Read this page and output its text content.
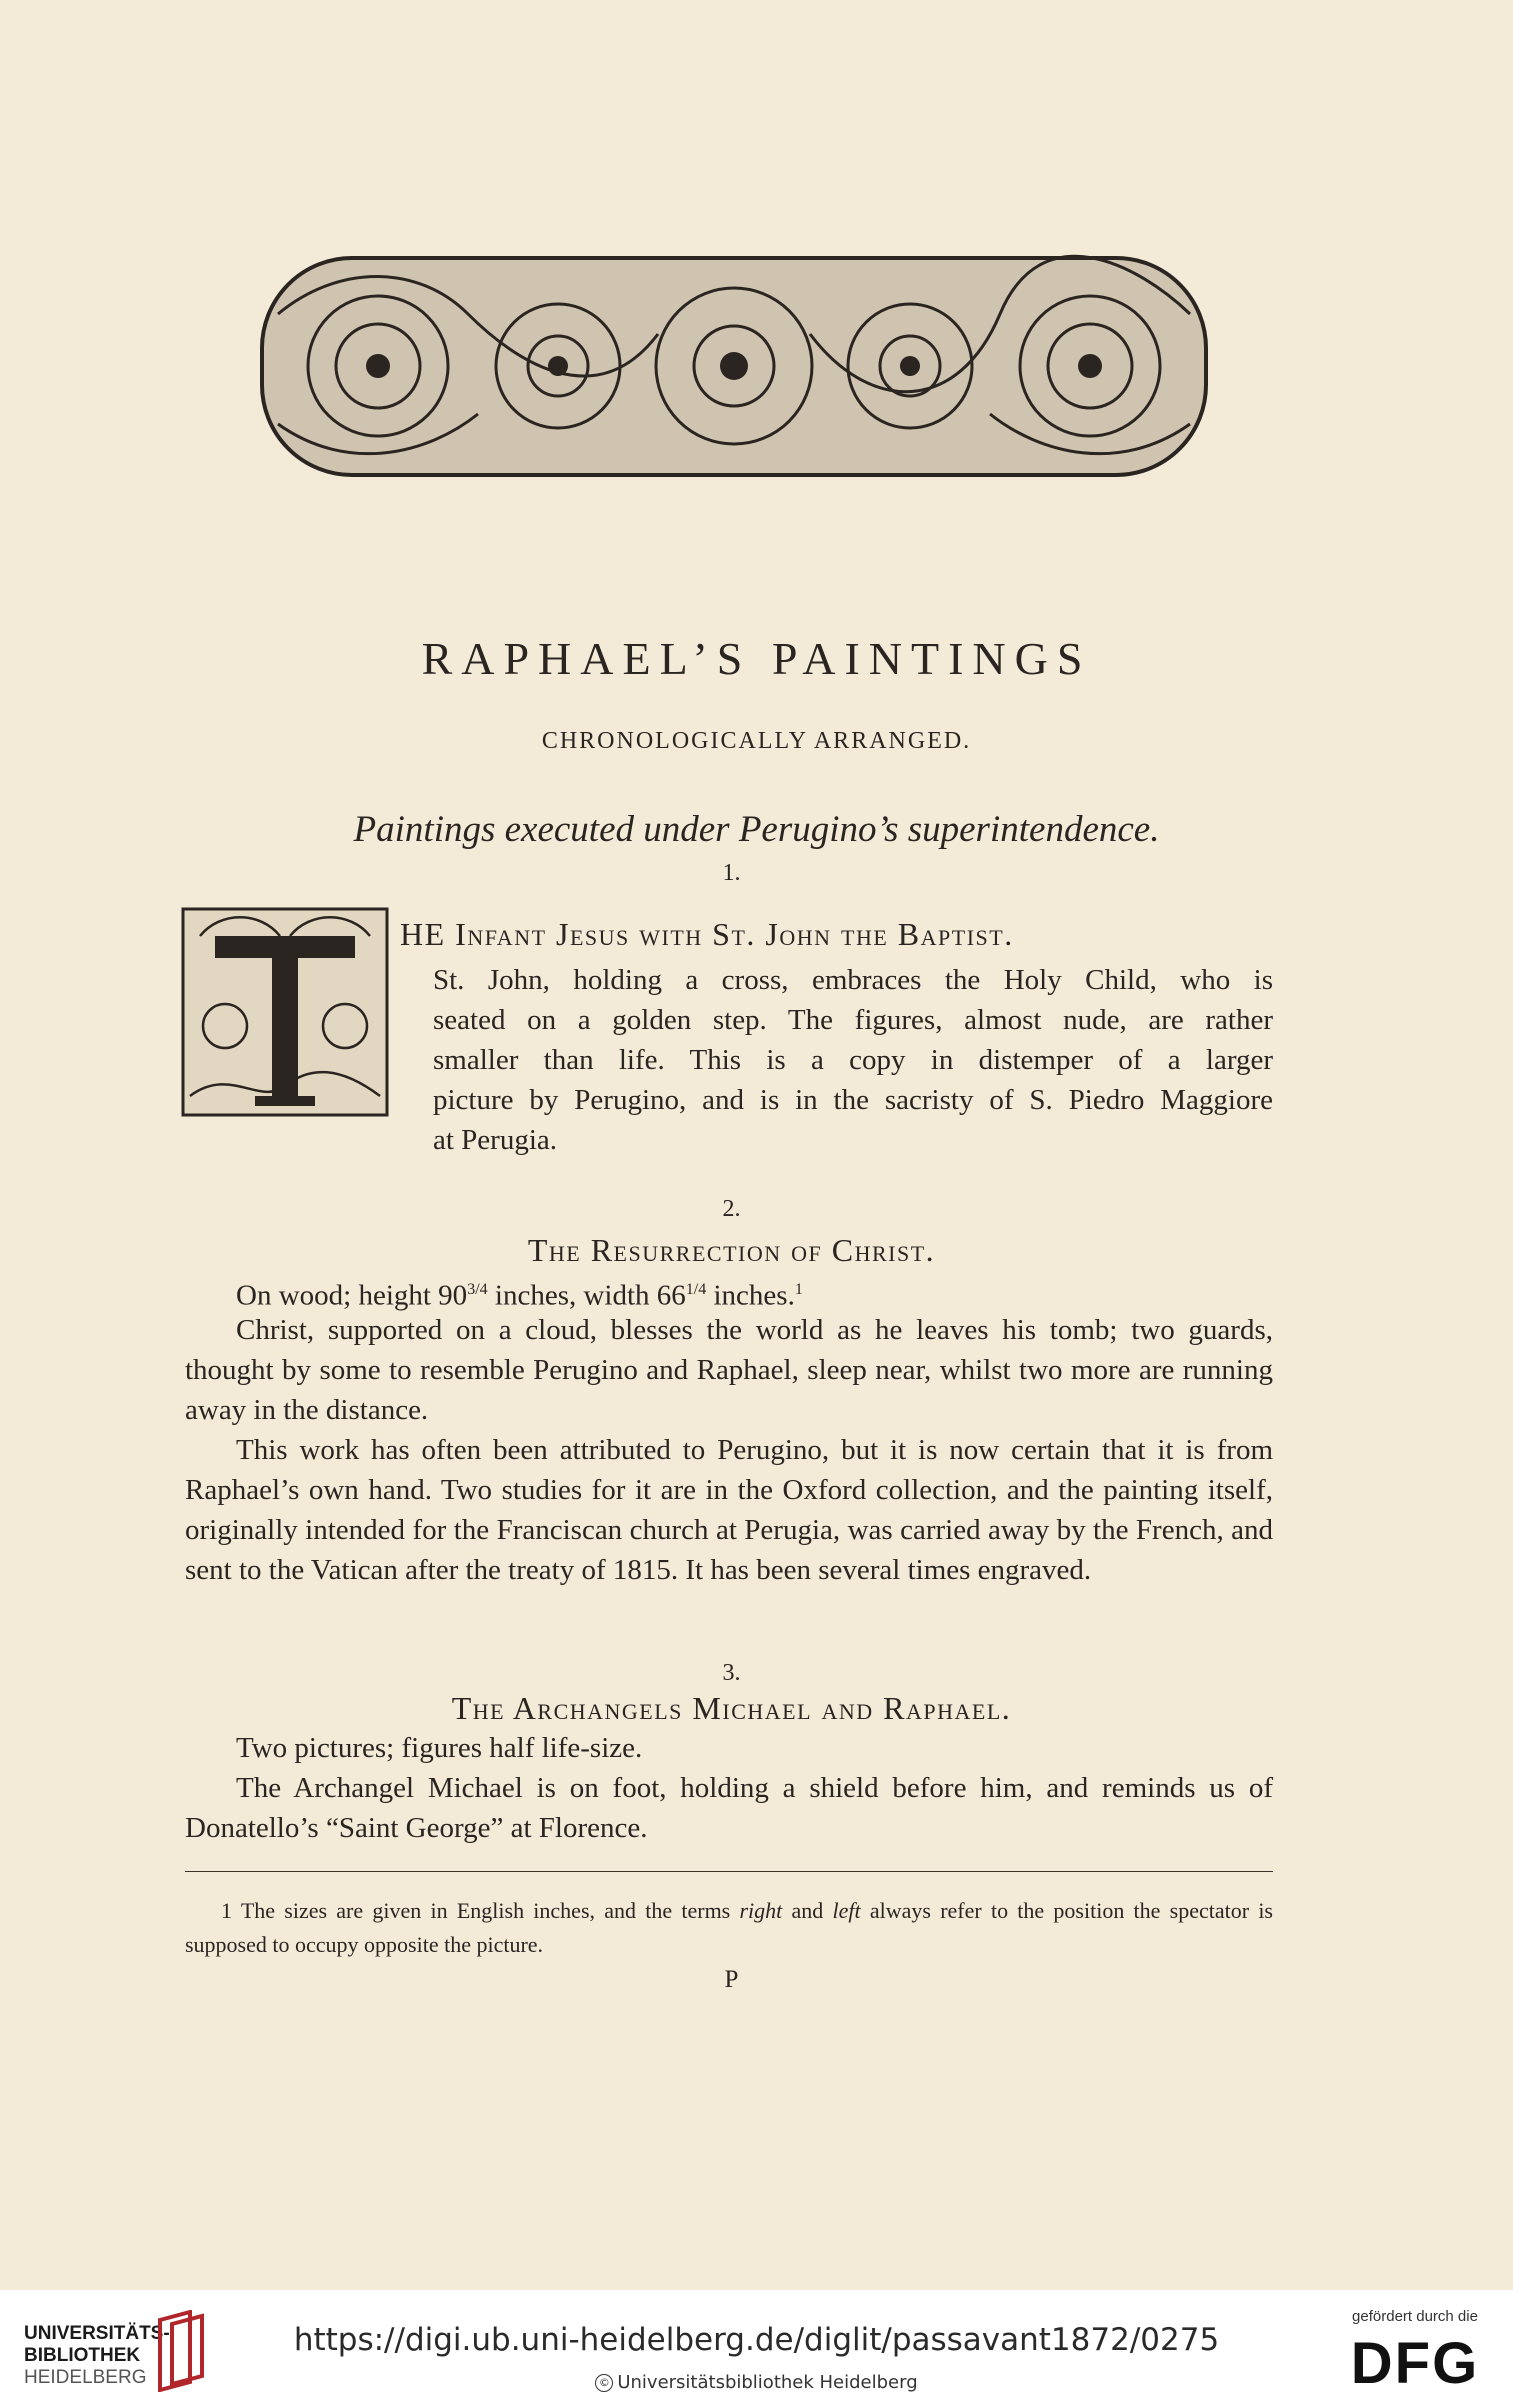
RAPHAEL’S PAINTINGS
CHRONOLOGICALLY ARRANGED.
Paintings executed under Perugino’s superintendence.
1.
HE Infant Jesus with St. John the Baptist.
St. John, holding a cross, embraces the Holy Child, who is
seated on a golden step. The figures, almost nude, are rather
smaller than life. This is a copy in distemper of a larger
picture by Perugino, and is in the sacristy of S. Piedro Maggiore
at Perugia.
2.
The Resurrection of Christ.
On wood; height $90^{3/4}$ inches, width $66^{1/4}$ inches.$^1$
Christ, supported on a cloud, blesses the world as he leaves his tomb; two guards, thought by some to resemble Perugino and Raphael, sleep near, whilst two more are running away in the distance.
This work has often been attributed to Perugino, but it is now certain that it is from Raphael’s own hand. Two studies for it are in the Oxford collection, and the painting itself, originally intended for the Franciscan church at Perugia, was carried away by the French, and sent to the Vatican after the treaty of 1815. It has been several times engraved.
3.
The Archangels Michael and Raphael.
Two pictures; figures half life-size.
The Archangel Michael is on foot, holding a shield before him, and reminds us of Donatello’s “Saint George” at Florence.
1 The sizes are given in English inches, and the terms right and left always refer to the position the spectator is supposed to occupy opposite the picture.
P
UNIVERSITÄTS-
BIBLIOTHEK
HEIDELBERG
https://digi.ub.uni-heidelberg.de/diglit/passavant1872/0275
© Universitätsbibliothek Heidelberg
gefördert durch die
DFG
